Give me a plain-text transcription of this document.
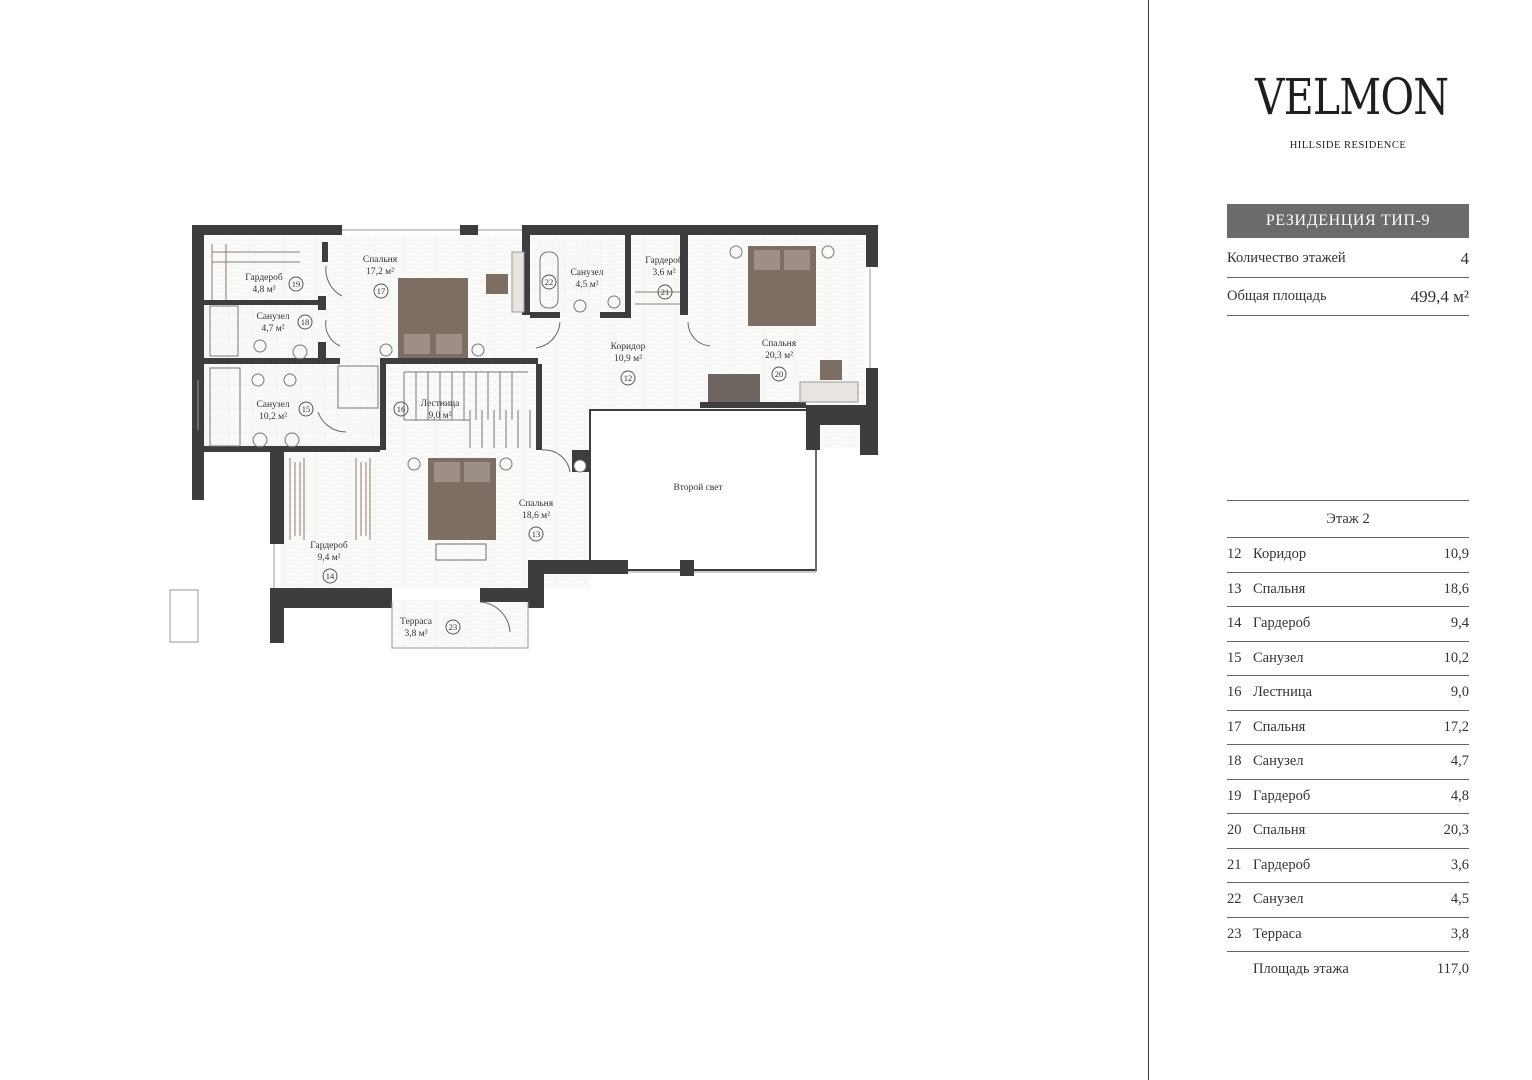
Гардероб
4,8 м²
19
Спальня
17,2 м²
17
Санузел
4,5 м²
22
Гардероб
3,6 м²
21
Санузел
4,7 м²
18
Коридор
10,9 м²
12
Спальня
20,3 м²
20
Санузел
10,2 м²
15	Лестница
9,0 м²
16
Спальня
18,6 м²
13
Гардероб
9,4 м²
14
Терраса
3,8 м²
23
Второй свет
VELMON
HILLSIDE RESIDENCE
РЕЗИДЕНЦИЯ ТИП-9
Количество этажей	4
Общая площадь	499,4 м²
Этаж 2
12 Коридор	10,9
13 Спальня	18,6
14 Гардероб	9,4
15 Санузел	10,2
16 Лестница	9,0
17 Спальня	17,2
18 Санузел	4,7
19 Гардероб	4,8
20 Спальня	20,3
21 Гардероб	3,6
22 Санузел	4,5
23 Терраса	3,8
Площадь этажа	117,0
